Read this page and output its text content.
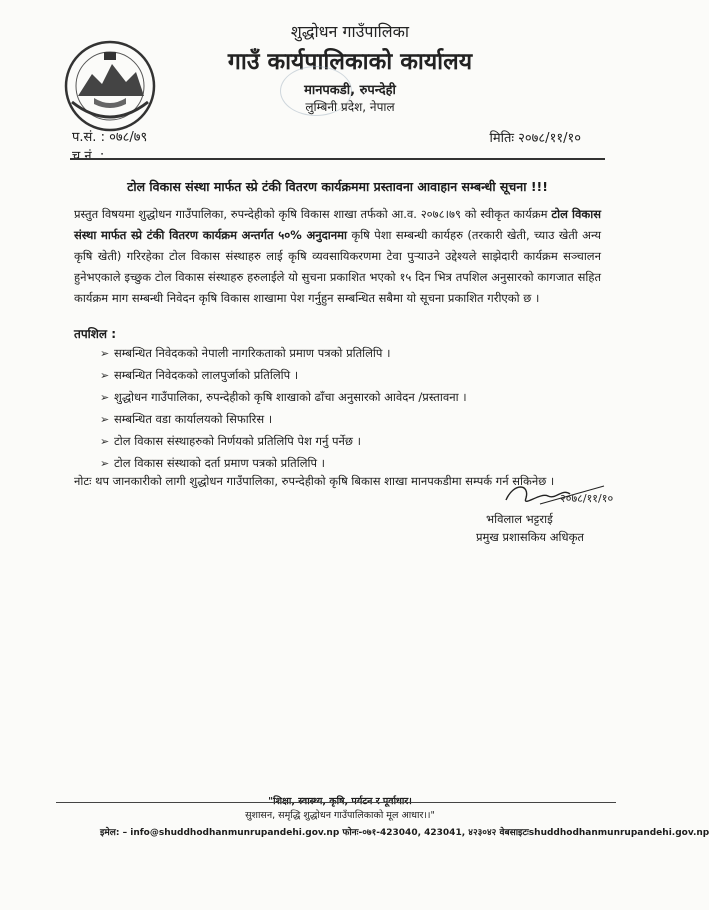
शुद्धोधन गाउँपालिका
गाउँ कार्यपालिकाको कार्यालय
मानपकडी, रुपन्देही
लुम्बिनी प्रदेश, नेपाल
प.सं. : ०७८/७९
च.नं. :
मितिः २०७८/११/१०
टोल विकास संस्था मार्फत स्प्रे टंकी वितरण कार्यक्रममा प्रस्तावना आवाहान सम्बन्धी सूचना !!!
प्रस्तुत विषयमा शुद्धोधन गाउँपालिका, रुपन्देहीको कृषि विकास शाखा तर्फको आ.व. २०७८।७९ को स्वीकृत कार्यक्रम टोल विकास संस्था मार्फत स्प्रे टंकी वितरण कार्यक्रम अन्तर्गत ५०% अनुदानमा कृषि पेशा सम्बन्धी कार्यहरु (तरकारी खेती, च्याउ खेती अन्य कृषि खेती) गरिरहेका टोल विकास संस्थाहरु लाई कृषि व्यवसायिकरणमा टेवा पुऱ्याउने उद्देश्यले साझेदारी कार्यक्रम सञ्चालन हुनेभएकाले इच्छुक टोल विकास संस्थाहरु हरुलाईले यो सुचना प्रकाशित भएको १५ दिन भित्र तपशिल अनुसारको कागजात सहित कार्यक्रम माग सम्बन्धी निवेदन कृषि विकास शाखामा पेश गर्नुहुन सम्बन्धित सबैमा यो सूचना प्रकाशित गरीएको छ ।
तपशिल :
➢ सम्बन्धित निवेदकको नेपाली नागरिकताको प्रमाण पत्रको प्रतिलिपि ।
➢ सम्बन्धित निवेदकको लालपुर्जाको प्रतिलिपि ।
➢ शुद्धोधन गाउँपालिका, रुपन्देहीको कृषि शाखाको ढाँचा अनुसारको आवेदन /प्रस्तावना ।
➢ सम्बन्धित वडा कार्यालयको सिफारिस ।
➢ टोल विकास संस्थाहरुको निर्णयको प्रतिलिपि पेश गर्नु पर्नेछ ।
➢ टोल विकास संस्थाको दर्ता प्रमाण पत्रको प्रतिलिपि ।
नोटः थप जानकारीको लागी शुद्धोधन गाउँपालिका, रुपन्देहीको कृषि बिकास शाखा मानपकडीमा सम्पर्क गर्न सकिनेछ ।
२०७८/११/१०
भविलाल भट्टराई
प्रमुख प्रशासकिय अधिकृत
"शिक्षा, स्वास्थ्य, कृषि, पर्यटन र पूर्वाधार।
सुशासन, समृद्धि शुद्धोधन गाउँपालिकाको मूल आधार।।"
इमेल: – info@shuddhodhanmunrupandehi.gov.np फोनः-०७१-423040, 423041, ४२३०४२ वेबसाइटःshuddhodhanmunrupandehi.gov.np
